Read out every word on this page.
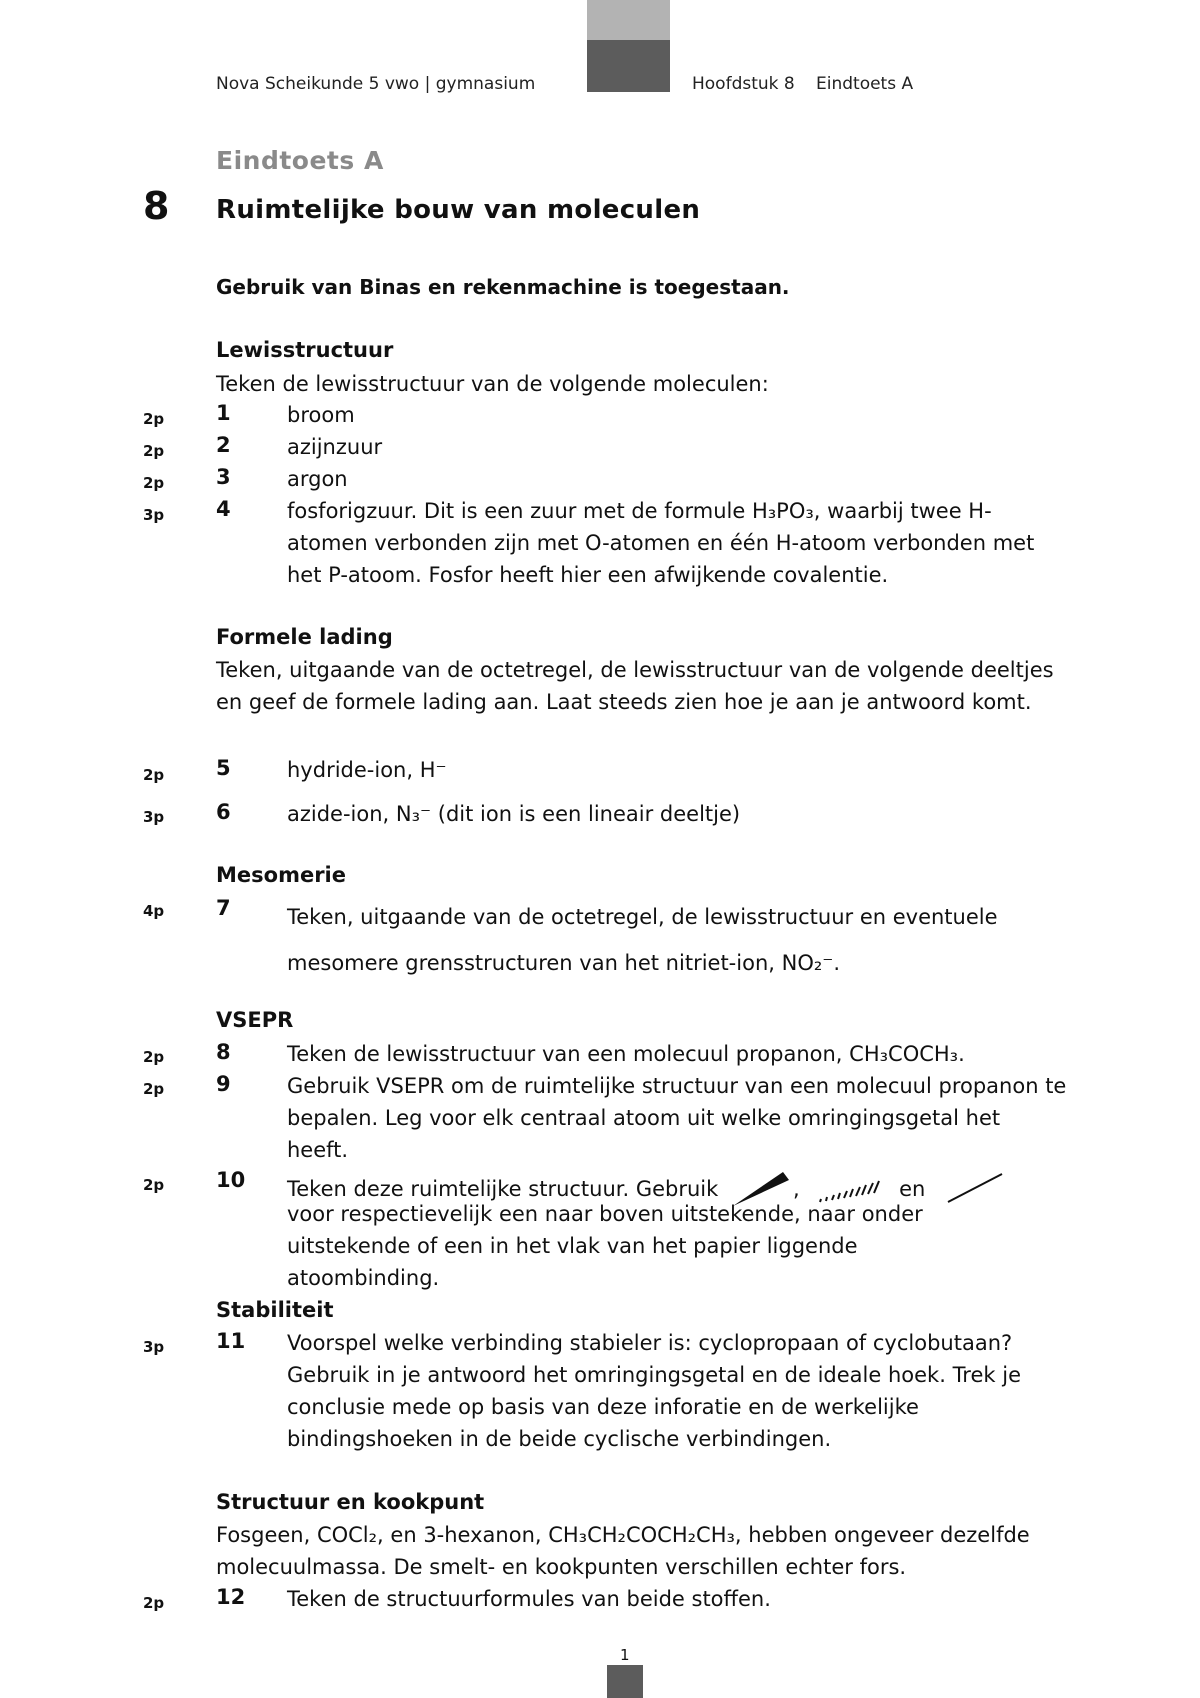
Nova Scheikunde 5 vwo | gymnasium	Hoofdstuk 8 Eindtoets A
Eindtoets A
8 Ruimtelijke bouw van moleculen
Gebruik van Binas en rekenmachine is toegestaan.
Lewisstructuur
Teken de lewisstructuur van de volgende moleculen:
2p 1	broom
2p 2	azijnzuur
2p 3	argon
3p 4	fosforigzuur. Dit is een zuur met de formule H₃PO₃, waarbij twee H-atomen verbonden zijn met O-atomen en één H-atoom verbonden met het P-atoom. Fosfor heeft hier een afwijkende covalentie.
Formele lading
Teken, uitgaande van de octetregel, de lewisstructuur van de volgende deeltjes en geef de formele lading aan. Laat steeds zien hoe je aan je antwoord komt.
2p 5	hydride-ion, H⁻
3p 6	azide-ion, N₃⁻ (dit ion is een lineair deeltje)
Mesomerie
4p 7	Teken, uitgaande van de octetregel, de lewisstructuur en eventuele mesomere grensstructuren van het nitriet-ion, NO₂⁻.
VSEPR
2p 8	Teken de lewisstructuur van een molecuul propanon, CH₃COCH₃.
2p 9	Gebruik VSEPR om de ruimtelijke structuur van een molecuul propanon te bepalen. Leg voor elk centraal atoom uit welke omringingsgetal het heeft.
2p 10 Teken deze ruimtelijke structuur. Gebruik	,	en
voor respectievelijk een naar boven uitstekende, naar onder uitstekende of een in het vlak van het papier liggende atoombinding.
Stabiliteit
3p 11 Voorspel welke verbinding stabieler is: cyclopropaan of cyclobutaan? Gebruik in je antwoord het omringingsgetal en de ideale hoek. Trek je conclusie mede op basis van deze inforatie en de werkelijke bindingshoeken in de beide cyclische verbindingen.
Structuur en kookpunt
Fosgeen, COCl₂, en 3-hexanon, CH₃CH₂COCH₂CH₃, hebben ongeveer dezelfde molecuulmassa. De smelt- en kookpunten verschillen echter fors.
2p 12 Teken de structuurformules van beide stoffen.
1
